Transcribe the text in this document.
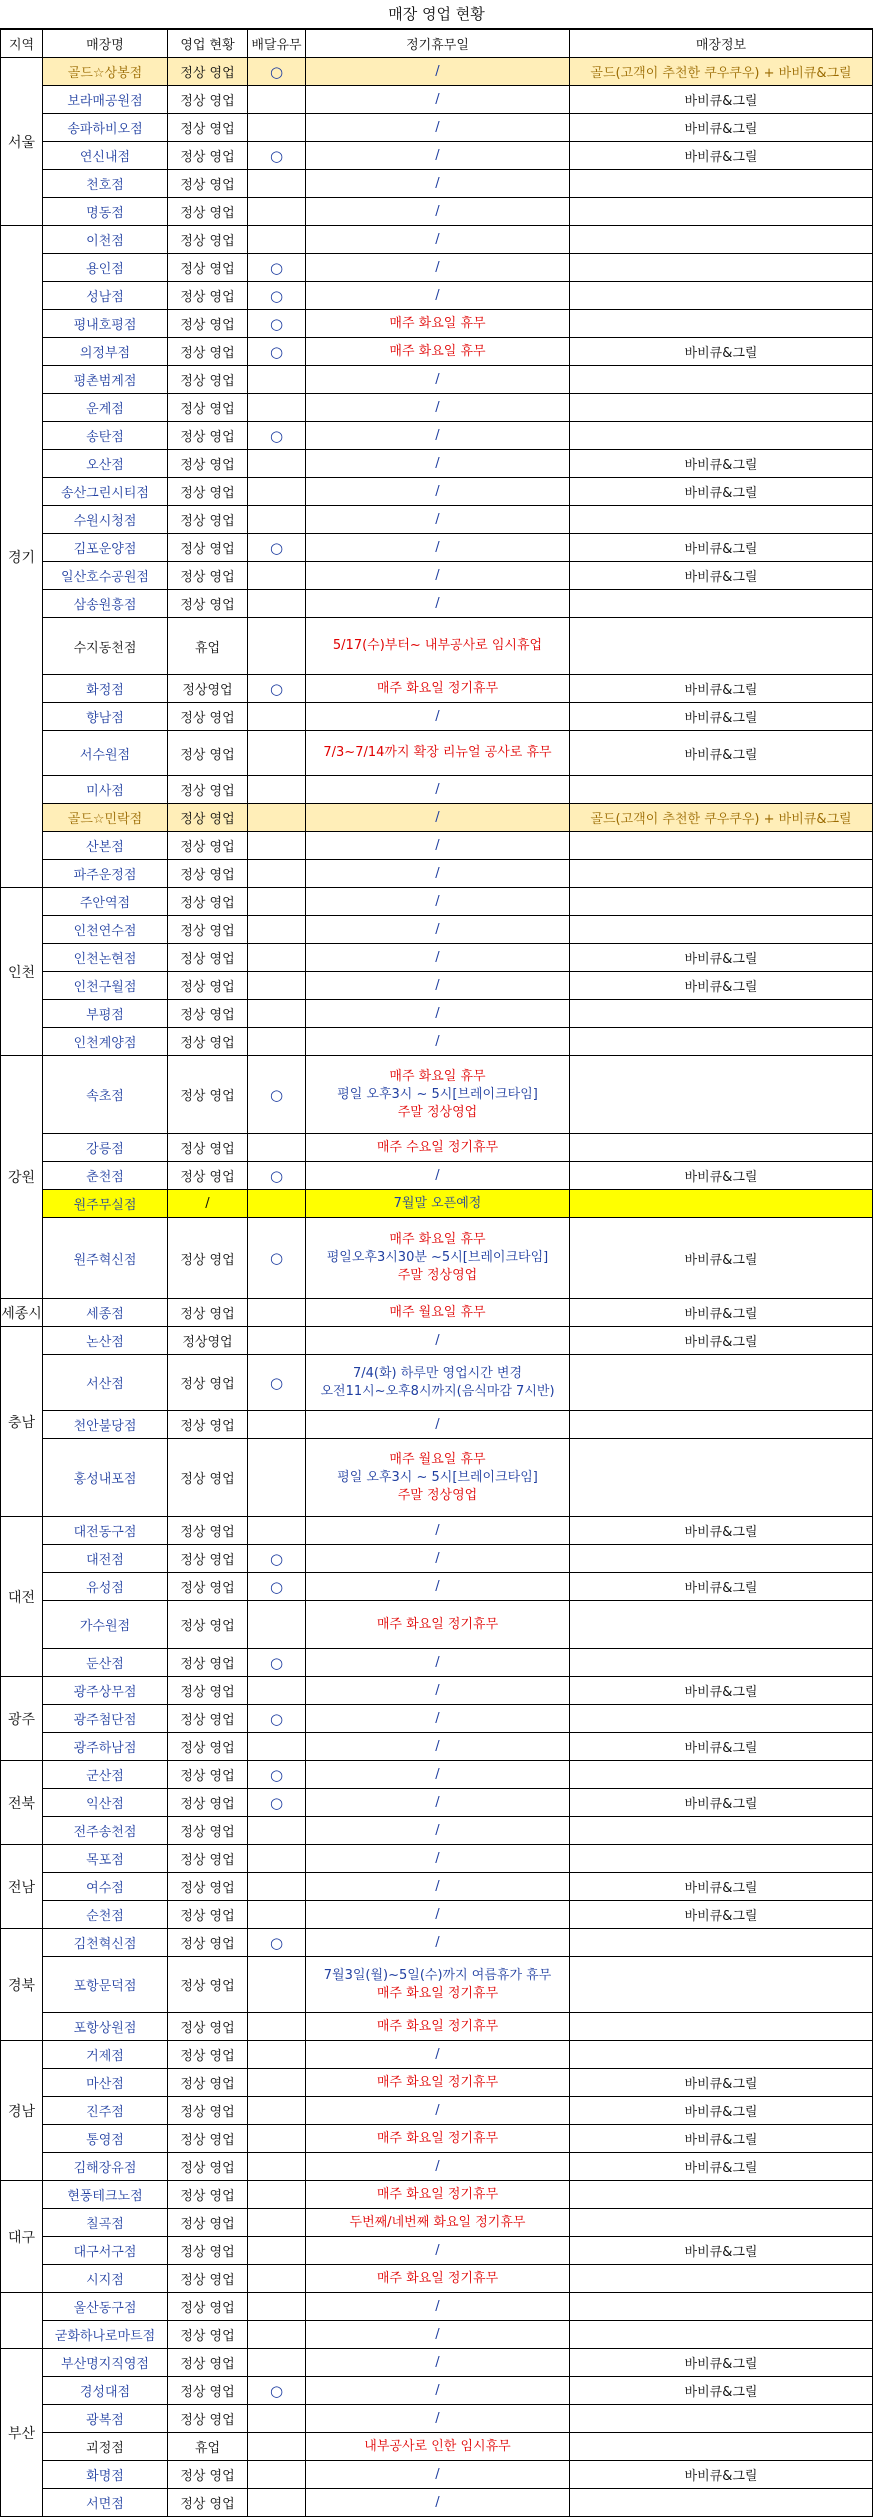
매장 영업 현황
지역	매장명	영업 현황	배달유무	정기휴무일	매장정보
서울	골드☆상봉점	정상 영업	○	/	골드(고객이 추천한 쿠우쿠우) + 바비큐&그릴
	보라매공원점	정상 영업		/	바비큐&그릴
	송파하비오점	정상 영업		/	바비큐&그릴
	연신내점	정상 영업	○	/	바비큐&그릴
	천호점	정상 영업		/	

	명동점	정상 영업		/	

경기	이천점	정상 영업		/	

	용인점	정상 영업	○	/	

	성남점	정상 영업	○	/	

	평내호평점	정상 영업	○	매주 화요일 휴무	

	의정부점	정상 영업	○	매주 화요일 휴무	바비큐&그릴
	평촌범계점	정상 영업		/	

	운계점	정상 영업		/	

	송탄점	정상 영업	○	/	

	오산점	정상 영업		/	바비큐&그릴
	송산그린시티점	정상 영업		/	바비큐&그릴
	수원시청점	정상 영업		/	

	김포운양점	정상 영업	○	/	바비큐&그릴
	일산호수공원점	정상 영업		/	바비큐&그릴
	삼송원흥점	정상 영업		/	

	수지동천점	휴업		5/17(수)부터~ 내부공사로 임시휴업	

	화정점	정상영업	○	매주 화요일 정기휴무	바비큐&그릴
	향남점	정상 영업		/	바비큐&그릴
	서수원점	정상 영업		7/3~7/14까지 확장 리뉴얼 공사로 휴무	바비큐&그릴
	미사점	정상 영업		/	

	골드☆민락점	정상 영업		/	골드(고객이 추천한 쿠우쿠우) + 바비큐&그릴
	산본점	정상 영업		/	

	파주운정점	정상 영업		/	

인천	주안역점	정상 영업		/	

	인천연수점	정상 영업		/	

	인천논현점	정상 영업		/	바비큐&그릴
	인천구월점	정상 영업		/	바비큐&그릴
	부평점	정상 영업		/	

	인천계양점	정상 영업		/	

강원	속초점	정상 영업	○	매주 화요일 휴무
평일 오후3시 ~ 5시[브레이크타임]
주말 정상영업	

	강릉점	정상 영업		매주 수요일 정기휴무	

	춘천점	정상 영업	○	/	바비큐&그릴
	원주무실점	/		7월말 오픈예정	

	원주혁신점	정상 영업	○	매주 화요일 휴무
평일오후3시30분 ~5시[브레이크타임]
주말 정상영업	바비큐&그릴
세종시	세종점	정상 영업		매주 월요일 휴무	바비큐&그릴
충남	논산점	정상영업		/	바비큐&그릴
	서산점	정상 영업	○	7/4(화) 하루만 영업시간 변경
오전11시~오후8시까지(음식마감 7시반)	

	천안불당점	정상 영업		/	

	홍성내포점	정상 영업		매주 월요일 휴무
평일 오후3시 ~ 5시[브레이크타임]
주말 정상영업	

대전	대전동구점	정상 영업		/	바비큐&그릴
	대전점	정상 영업	○	/	

	유성점	정상 영업	○	/	바비큐&그릴
	가수원점	정상 영업		매주 화요일 정기휴무	

	둔산점	정상 영업	○	/	

광주	광주상무점	정상 영업		/	바비큐&그릴
	광주첨단점	정상 영업	○	/	

	광주하남점	정상 영업		/	바비큐&그릴
전북	군산점	정상 영업	○	/	

	익산점	정상 영업	○	/	바비큐&그릴
	전주송천점	정상 영업		/	

전남	목포점	정상 영업		/	

	여수점	정상 영업		/	바비큐&그릴
	순천점	정상 영업		/	바비큐&그릴
경북	김천혁신점	정상 영업	○	/	

	포항문덕점	정상 영업		7월3일(월)~5일(수)까지 여름휴가 휴무
매주 화요일 정기휴무	

	포항상원점	정상 영업		매주 화요일 정기휴무	

경남	거제점	정상 영업		/	

	마산점	정상 영업		매주 화요일 정기휴무	바비큐&그릴
	진주점	정상 영업		/	바비큐&그릴
	통영점	정상 영업		매주 화요일 정기휴무	바비큐&그릴
	김해장유점	정상 영업		/	바비큐&그릴
대구	현풍테크노점	정상 영업		매주 화요일 정기휴무	

	칠곡점	정상 영업		두번째/네번째 화요일 정기휴무	

	대구서구점	정상 영업		/	바비큐&그릴
	시지점	정상 영업		매주 화요일 정기휴무	

	울산동구점	정상 영업		/	

	굳화하나로마트점	정상 영업		/	

부산	부산명지직영점	정상 영업		/	바비큐&그릴
	경성대점	정상 영업	○	/	바비큐&그릴
	광복점	정상 영업		/	

	괴정점	휴업		내부공사로 인한 임시휴무	

	화명점	정상 영업		/	바비큐&그릴
	서면점	정상 영업		/	
